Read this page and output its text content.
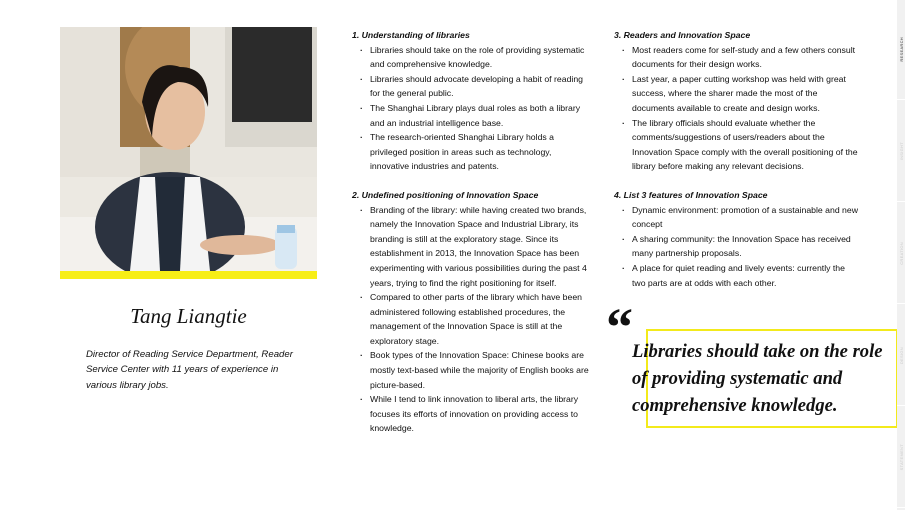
Tang Liangtie
Director of Reading Service Department, Reader Service Center with 11 years of experience in various library jobs.
1. Understanding of libraries
· Libraries should take on the role of providing systematic and comprehensive knowledge.
· Libraries should advocate developing a habit of reading for the general public.
· The Shanghai Library plays dual roles as both a library and an industrial intelligence base.
· The research-oriented Shanghai Library holds a privileged position in areas such as technology, innovative industries and patents.
2. Undefined positioning of Innovation Space
· Branding of the library: while having created two brands, namely the Innovation Space and Industrial Library, its branding is still at the exploratory stage. Since its establishment in 2013, the Innovation Space has been experimenting with various possibilities during the past 4 years, trying to find the right positioning for itself.
· Compared to other parts of the library which have been administered following established procedures, the management of the Innovation Space is still at the exploratory stage.
· Book types of the Innovation Space: Chinese books are mostly text-based while the majority of English books are picture-based.
· While I tend to link innovation to liberal arts, the library focuses its efforts of innovation on providing access to knowledge.
3. Readers and Innovation Space
· Most readers come for self-study and a few others consult documents for their design works.
· Last year, a paper cutting workshop was held with great success, where the sharer made the most of the documents available to create and design works.
· The library officials should evaluate whether the comments/suggestions of users/readers about the Innovation Space comply with the overall positioning of the library before making any relevant decisions.
4. List 3 features of Innovation Space
· Dynamic environment: promotion of a sustainable and new concept
· A sharing community: the Innovation Space has received many partnership proposals.
· A place for quiet reading and lively events: currently the two parts are at odds with each other.
“ Libraries should take on the role of providing systematic and comprehensive knowledge.
RESEARCH
INSIGHT
CREATION
DESIGN
STATEMENT
